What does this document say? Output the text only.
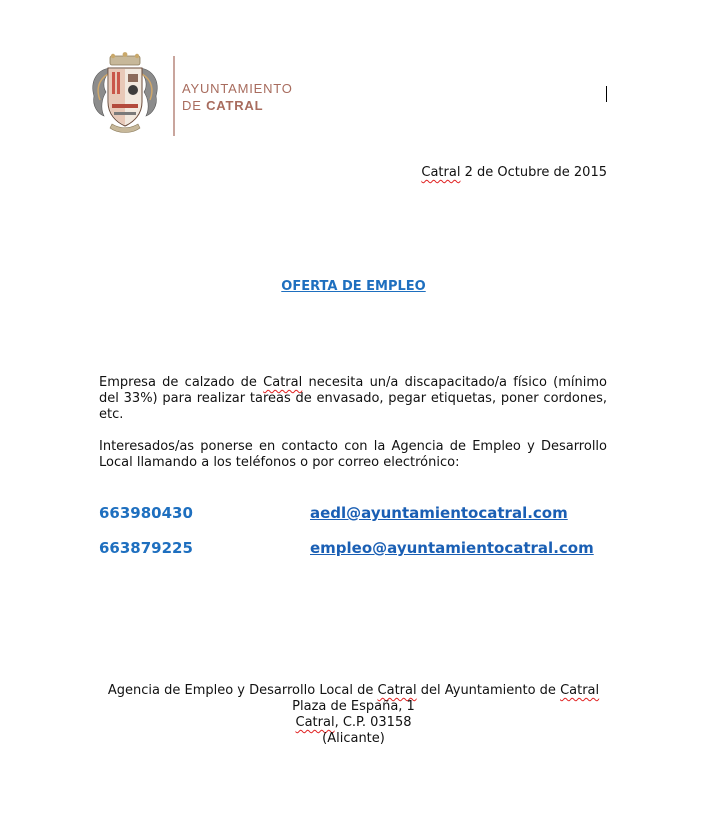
AYUNTAMIENTO
DE CATRAL
Catral 2 de Octubre de 2015
OFERTA DE EMPLEO
Empresa de calzado de Catral necesita un/a discapacitado/a físico (mínimo del 33%) para realizar tareas de envasado, pegar etiquetas, poner cordones, etc.
Interesados/as ponerse en contacto con la Agencia de Empleo y Desarrollo Local llamando a los teléfonos o por correo electrónico:
663980430	aedl@ayuntamientocatral.com
663879225	empleo@ayuntamientocatral.com
Agencia de Empleo y Desarrollo Local de Catral del Ayuntamiento de Catral
Plaza de España, 1
Catral, C.P. 03158
(Alicante)
